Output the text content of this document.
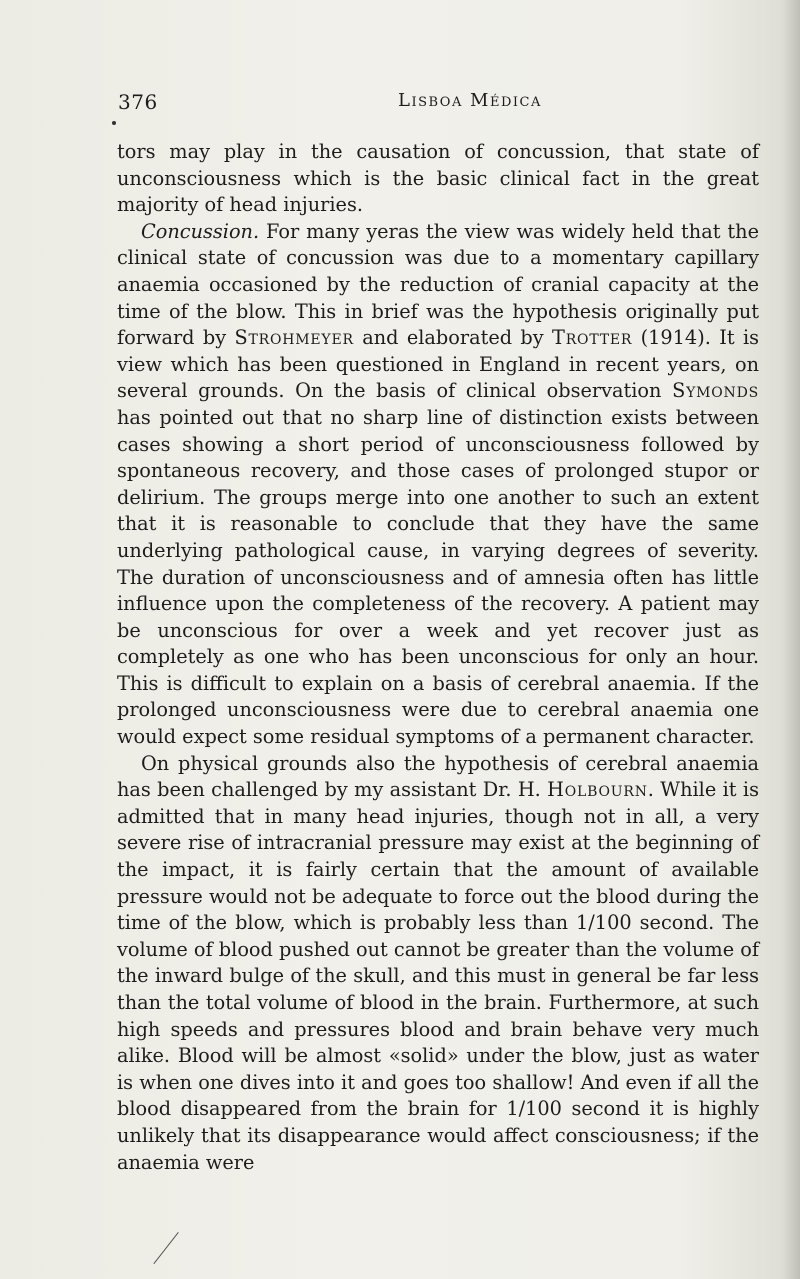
376	Lisboa Médica

tors may play in the causation of concussion, that state of unconsciousness which is the basic clinical fact in the great majority of head injuries.

Concussion. For many yeras the view was widely held that the clinical state of concussion was due to a momentary capillary anaemia occasioned by the reduction of cranial capacity at the time of the blow. This in brief was the hypothesis originally put forward by Strohmeyer and elaborated by Trotter (1914). It is view which has been questioned in England in recent years, on several grounds. On the basis of clinical observation Symonds has pointed out that no sharp line of distinction exists between cases showing a short period of unconsciousness followed by spontaneous recovery, and those cases of prolonged stupor or delirium. The groups merge into one another to such an extent that it is reasonable to conclude that they have the same underlying pathological cause, in varying degrees of severity. The duration of unconsciousness and of amnesia often has little influence upon the completeness of the recovery. A patient may be unconscious for over a week and yet recover just as completely as one who has been unconscious for only an hour. This is difficult to explain on a basis of cerebral anaemia. If the prolonged unconsciousness were due to cerebral anaemia one would expect some residual symptoms of a permanent character.

On physical grounds also the hypothesis of cerebral anaemia has been challenged by my assistant Dr. H. Holbourn. While it is admitted that in many head injuries, though not in all, a very severe rise of intracranial pressure may exist at the beginning of the impact, it is fairly certain that the amount of available pressure would not be adequate to force out the blood during the time of the blow, which is probably less than 1/100 second. The volume of blood pushed out cannot be greater than the volume of the inward bulge of the skull, and this must in general be far less than the total volume of blood in the brain. Furthermore, at such high speeds and pressures blood and brain behave very much alike. Blood will be almost «solid» under the blow, just as water is when one dives into it and goes too shallow! And even if all the blood disappeared from the brain for 1/100 second it is highly unlikely that its disappearance would affect consciousness; if the anaemia were
